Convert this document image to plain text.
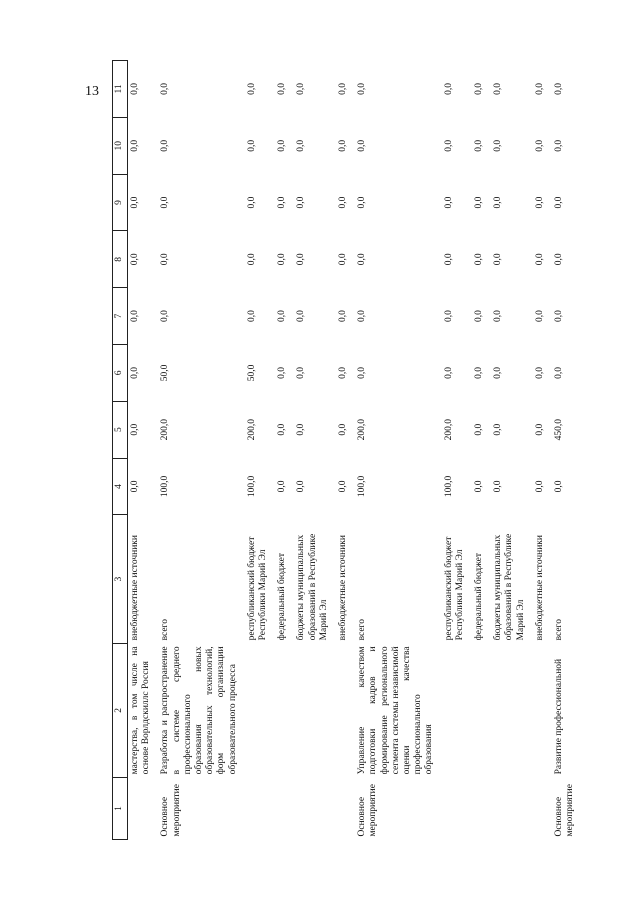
13
1	2	3	4	5	6	7	8	9	10	11
	мастерства, в том числе на основе Ворлдскиллс Россия	внебюджетные источники	0,0	0,0	0,0	0,0	0,0	0,0	0,0	0,0
Основное мероприятие	Разработка и распространение в системе среднего профессионального образования новых образовательных технологий, форм организации образовательного процесса	всего	100,0	200,0	50,0	0,0	0,0	0,0	0,0	0,0
		республиканский бюджет Республики Марий Эл	100,0	200,0	50,0	0,0	0,0	0,0	0,0	0,0
		федеральный бюджет	0,0	0,0	0,0	0,0	0,0	0,0	0,0	0,0
		бюджеты муниципальных образований в Республике Марий Эл	0,0	0,0	0,0	0,0	0,0	0,0	0,0	0,0
		внебюджетные источники	0,0	0,0	0,0	0,0	0,0	0,0	0,0	0,0
Основное мероприятие	Управление качеством подготовки кадров и формирование регионального сегмента системы независимой оценки качества профессионального образования	всего	100,0	200,0	0,0	0,0	0,0	0,0	0,0	0,0
		республиканский бюджет Республики Марий Эл	100,0	200,0	0,0	0,0	0,0	0,0	0,0	0,0
		федеральный бюджет	0,0	0,0	0,0	0,0	0,0	0,0	0,0	0,0
		бюджеты муниципальных образований в Республике Марий Эл	0,0	0,0	0,0	0,0	0,0	0,0	0,0	0,0
		внебюджетные источники	0,0	0,0	0,0	0,0	0,0	0,0	0,0	0,0
Основное мероприятие	Развитие профессиональной	всего	0,0	450,0	0,0	0,0	0,0	0,0	0,0	0,0
